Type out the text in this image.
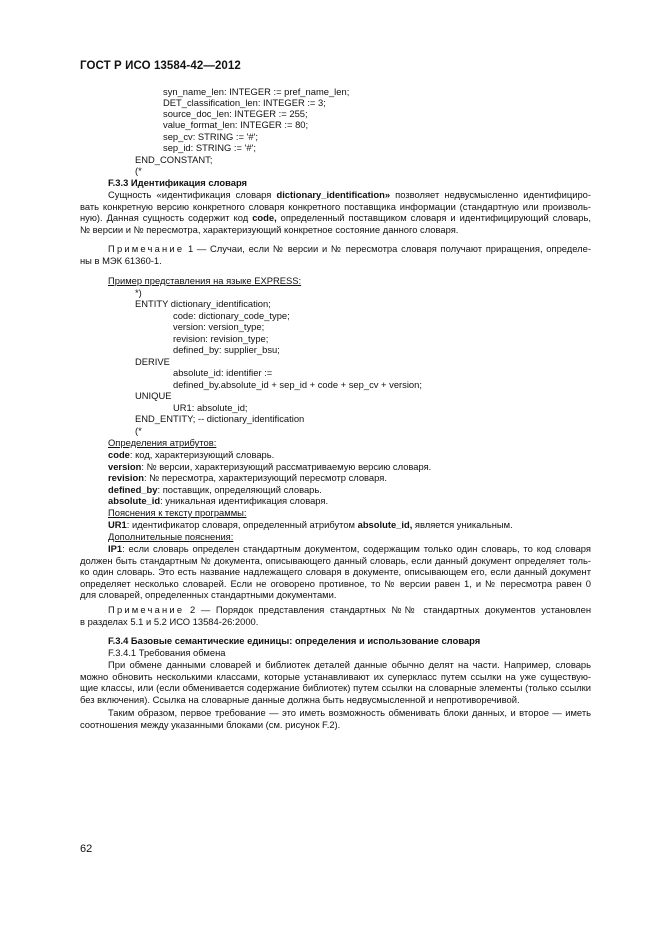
ГОСТ Р ИСО 13584-42—2012
syn_name_len: INTEGER := pref_name_len;
DET_classification_len: INTEGER := 3;
source_doc_len: INTEGER := 255;
value_format_len: INTEGER := 80;
sep_cv: STRING := '#';
sep_id: STRING := '#';
END_CONSTANT;
(*
F.3.3 Идентификация словаря
Сущность «идентификация словаря dictionary_identification» позволяет недвусмысленно идентифициро-
вать конкретную версию конкретного словаря конкретного поставщика информации (стандартную или произволь-
ную). Данная сущность содержит код code, определенный поставщиком словаря и идентифицирующий словарь,
№ версии и № пересмотра, характеризующий конкретное состояние данного словаря.
Примечание 1 — Случаи, если № версии и № пересмотра словаря получают приращения, определе-
ны в МЭК 61360-1.
Пример представления на языке EXPRESS:
*)
ENTITY dictionary_identification;
code: dictionary_code_type;
version: version_type;
revision: revision_type;
defined_by: supplier_bsu;
DERIVE
absolute_id: identifier :=
defined_by.absolute_id + sep_id + code + sep_cv + version;
UNIQUE
UR1: absolute_id;
END_ENTITY; -- dictionary_identification
(*
Определения атрибутов:
code: код, характеризующий словарь.
version: № версии, характеризующий рассматриваемую версию словаря.
revision: № пересмотра, характеризующий пересмотр словаря.
defined_by: поставщик, определяющий словарь.
absolute_id: уникальная идентификация словаря.
Пояснения к тексту программы:
UR1: идентификатор словаря, определенный атрибутом absolute_id, является уникальным.
Дополнительные пояснения:
IP1: если словарь определен стандартным документом, содержащим только один словарь, то код словаря
должен быть стандартным № документа, описывающего данный словарь, если данный документ определяет толь-
ко один словарь. Это есть название надлежащего словаря в документе, описывающем его, если данный документ
определяет несколько словарей. Если не оговорено противное, то № версии равен 1, и № пересмотра равен 0
для словарей, определенных стандартными документами.
Примечание 2 — Порядок представления стандартных №№ стандартных документов установлен
в разделах 5.1 и 5.2 ИСО 13584-26:2000.
F.3.4 Базовые семантические единицы: определения и использование словаря
F.3.4.1 Требования обмена
При обмене данными словарей и библиотек деталей данные обычно делят на части. Например, словарь
можно обновить несколькими классами, которые устанавливают их суперкласс путем ссылки на уже существую-
щие классы, или (если обменивается содержание библиотек) путем ссылки на словарные элементы (только ссылки
без включения). Ссылка на словарные данные должна быть недвусмысленной и непротиворечивой.
Таким образом, первое требование — это иметь возможность обменивать блоки данных, и второе — иметь
соотношения между указанными блоками (см. рисунок F.2).
62
